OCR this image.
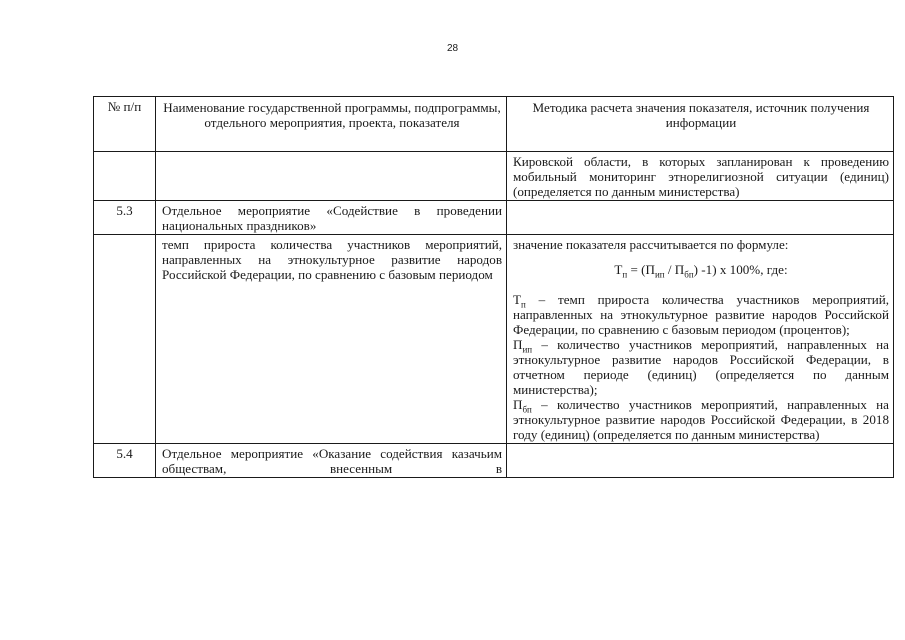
28
№ п/п	Наименование государственной программы, подпрограммы, отдельного мероприятия, проекта, показателя	Методика расчета значения показателя, источник получения информации
		Кировской области, в которых запланирован к проведению мобильный мониторинг этнорелигиозной ситуации (единиц) (определяется по данным министерства)
5.3	Отдельное мероприятие «Содействие в проведении национальных праздников»	
	темп прироста количества участников мероприятий, направленных на этнокультурное развитие народов Российской Федерации, по сравнению с базовым периодом	значение показателя рассчитывается по формуле:

$Т_п = (П_{ип} / П_{бп})$ -1) х 100%, где:

$Т_п$ – темп прироста количества участников мероприятий, направленных на этнокультурное развитие народов Российской Федерации, по сравнению с базовым периодом (процентов);

$П_{ип}$ – количество участников мероприятий, направленных на этнокультурное развитие народов Российской Федерации, в отчетном периоде (единиц) (определяется по данным министерства);

$П_{бп}$ – количество участников мероприятий, направленных на этнокультурное развитие народов Российской Федерации, в 2018 году (единиц) (определяется по данным министерства)

5.4	Отдельное мероприятие «Оказание содействия казачьим обществам, внесенным в	
